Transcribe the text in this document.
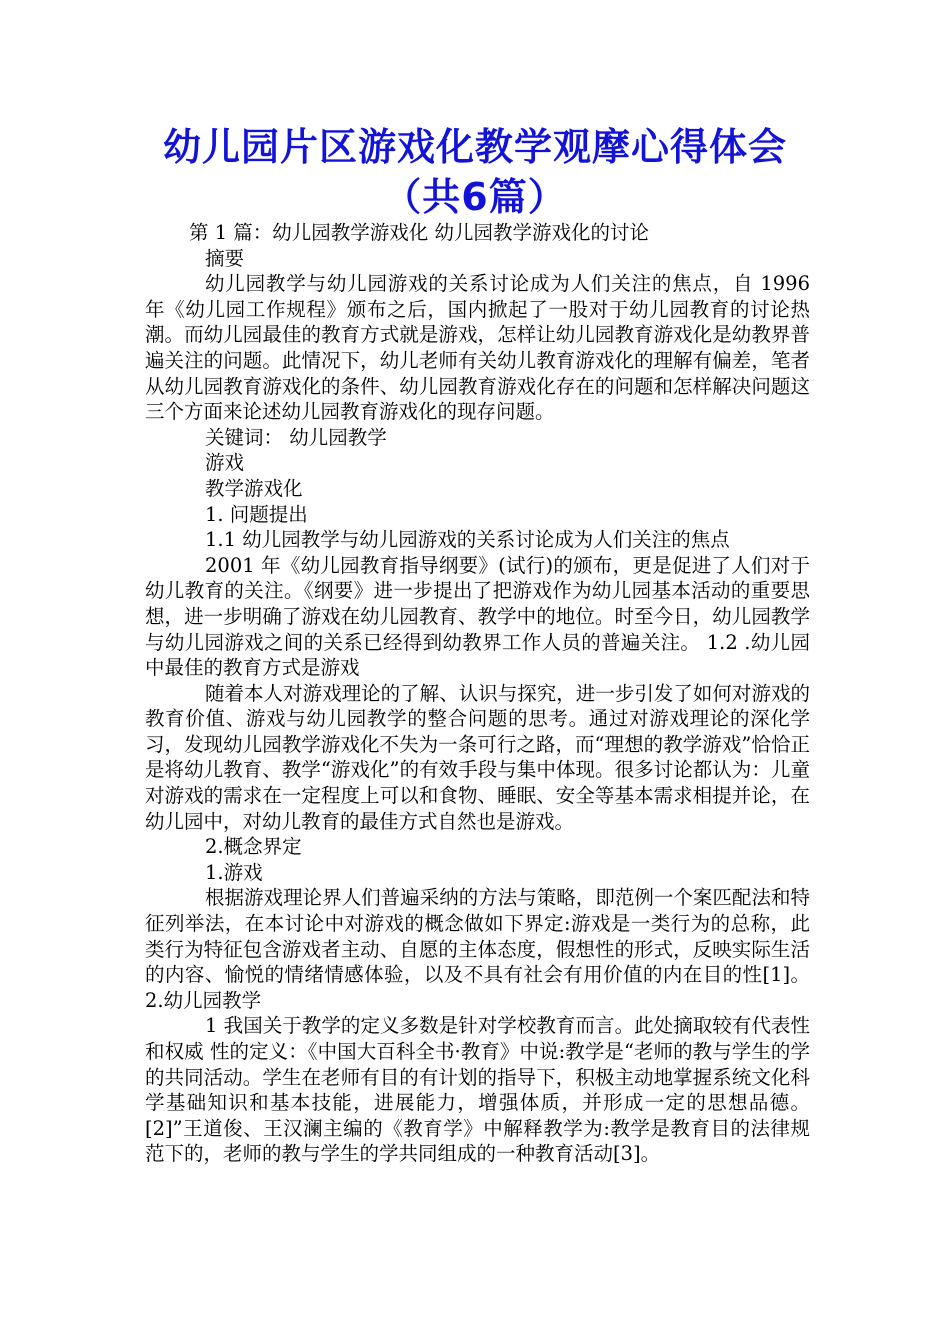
幼儿园片区游戏化教学观摩心得体会（共6篇）

第 1 篇：幼儿园教学游戏化 幼儿园教学游戏化的讨论

摘要

幼儿园教学与幼儿园游戏的关系讨论成为人们关注的焦点，自 1996 年《幼儿园工作规程》颁布之后，国内掀起了一股对于幼儿园教育的讨论热潮。而幼儿园最佳的教育方式就是游戏，怎样让幼儿园教育游戏化是幼教界普遍关注的问题。此情况下，幼儿老师有关幼儿教育游戏化的理解有偏差，笔者从幼儿园教育游戏化的条件、幼儿园教育游戏化存在的问题和怎样解决问题这三个方面来论述幼儿园教育游戏化的现存问题。

关键词： 幼儿园教学

游戏

教学游戏化

1. 问题提出

1.1 幼儿园教学与幼儿园游戏的关系讨论成为人们关注的焦点

2001 年《幼儿园教育指导纲要》(试行)的颁布，更是促进了人们对于幼儿教育的关注。《纲要》进一步提出了把游戏作为幼儿园基本活动的重要思想，进一步明确了游戏在幼儿园教育、教学中的地位。时至今日，幼儿园教学与幼儿园游戏之间的关系已经得到幼教界工作人员的普遍关注。 1.2 .幼儿园中最佳的教育方式是游戏

随着本人对游戏理论的了解、认识与探究，进一步引发了如何对游戏的教育价值、游戏与幼儿园教学的整合问题的思考。通过对游戏理论的深化学习，发现幼儿园教学游戏化不失为一条可行之路，而“理想的教学游戏”恰恰正是将幼儿教育、教学“游戏化”的有效手段与集中体现。很多讨论都认为：儿童对游戏的需求在一定程度上可以和食物、睡眠、安全等基本需求相提并论，在幼儿园中，对幼儿教育的最佳方式自然也是游戏。

2.概念界定

1.游戏

根据游戏理论界人们普遍采纳的方法与策略，即范例一个案匹配法和特征列举法，在本讨论中对游戏的概念做如下界定:游戏是一类行为的总称，此类行为特征包含游戏者主动、自愿的主体态度，假想性的形式，反映实际生活的内容、愉悦的情绪情感体验，以及不具有社会有用价值的内在目的性[1]。 2.幼儿园教学

1 我国关于教学的定义多数是针对学校教育而言。此处摘取较有代表性和权威 性的定义：《中国大百科全书·教育》中说:教学是“老师的教与学生的学的共同活动。学生在老师有目的有计划的指导下，积极主动地掌握系统文化科学基础知识和基本技能，进展能力，增强体质，并形成一定的思想品德。[2]”王道俊、王汉澜主编的《教育学》中解释教学为:教学是教育目的法律规范下的，老师的教与学生的学共同组成的一种教育活动[3]。
